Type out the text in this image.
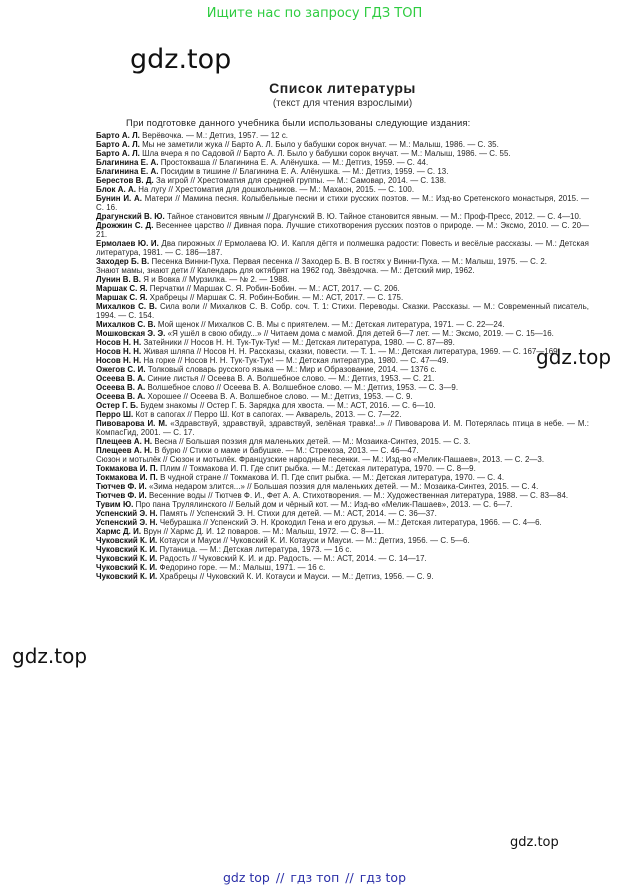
Ищите нас по запросу ГДЗ ТОП
gdz.top
gdz.top
gdz.top
gdz.top
Список литературы
(текст для чтения взрослыми)
При подготовке данного учебника были использованы следующие издания:

Барто А. Л. Верёвочка. — М.: Детгиз, 1957. — 12 с.

Барто А. Л. Мы не заметили жука // Барто А. Л. Было у бабушки сорок внучат. — М.: Малыш, 1986. — С. 35.

Барто А. Л. Шла вчера я по Садовой // Барто А. Л. Было у бабушки сорок внучат. — М.: Малыш, 1986. — С. 55.

Благинина Е. А. Простокваша // Благинина Е. А. Алёнушка. — М.: Детгиз, 1959. — С. 44.

Благинина Е. А. Посидим в тишине // Благинина Е. А. Алёнушка. — М.: Детгиз, 1959. — С. 13.

Берестов В. Д. За игрой // Хрестоматия для средней группы. — М.: Самовар, 2014. — С. 138.

Блок А. А. На лугу // Хрестоматия для дошкольников. — М.: Махаон, 2015. — С. 100.

Бунин И. А. Матери // Мамина песня. Колыбельные песни и стихи русских поэтов. — М.: Изд-во Сретенского монастыря, 2015. — С. 16.

Драгунский В. Ю. Тайное становится явным // Драгунский В. Ю. Тайное становится явным. — М.: Проф-Пресс, 2012. — С. 4—10.

Дрожжин С. Д. Весеннее царство // Дивная пора. Лучшие стихотворения русских поэтов о природе. — М.: Эксмо, 2010. — С. 20—21.

Ермолаев Ю. И. Два пирожных // Ермолаева Ю. И. Капля дёгтя и полмешка радости: Повесть и весёлые рассказы. — М.: Детская литература, 1981. — С. 186—187.

Заходер Б. В. Песенка Винни-Пуха. Первая песенка // Заходер Б. В. В гостях у Винни-Пуха. — М.: Малыш, 1975. — С. 2.

Знают мамы, знают дети // Календарь для октябрят на 1962 год. Звёздочка. — М.: Детский мир, 1962.

Лунин В. В. Я и Вовка // Мурзилка. — № 2. — 1988.

Маршак С. Я. Перчатки // Маршак С. Я. Робин-Бобин. — М.: АСТ, 2017. — С. 206.

Маршак С. Я. Храбрецы // Маршак С. Я. Робин-Бобин. — М.: АСТ, 2017. — С. 175.

Михалков С. В. Сила воли // Михалков С. В. Собр. соч. Т. 1: Стихи. Переводы. Сказки. Рассказы. — М.: Современный писатель, 1994. — С. 154.

Михалков С. В. Мой щенок // Михалков С. В. Мы с приятелем. — М.: Детская литература, 1971. — С. 22—24.

Мошковская Э. Э. «Я ушёл в свою обиду...» // Читаем дома с мамой. Для детей 6—7 лет. — М.: Эксмо, 2019. — С. 15—16.

Носов Н. Н. Затейники // Носов Н. Н. Тук-Тук-Тук! — М.: Детская литература, 1980. — С. 87—89.

Носов Н. Н. Живая шляпа // Носов Н. Н. Рассказы, сказки, повести. — Т. 1. — М.: Детская литература, 1969. — С. 167—169.

Носов Н. Н. На горке // Носов Н. Н. Тук-Тук-Тук! — М.: Детская литература, 1980. — С. 47—49.

Ожегов С. И. Толковый словарь русского языка — М.: Мир и Образование, 2014. — 1376 с.

Осеева В. А. Синие листья // Осеева В. А. Волшебное слово. — М.: Детгиз, 1953. — С. 21.

Осеева В. А. Волшебное слово // Осеева В. А. Волшебное слово. — М.: Детгиз, 1953. — С. 3—9.

Осеева В. А. Хорошее // Осеева В. А. Волшебное слово. — М.: Детгиз, 1953. — С. 9.

Остер Г. Б. Будем знакомы // Остер Г. Б. Зарядка для хвоста. — М.: АСТ, 2016. — С. 6—10.

Перро Ш. Кот в сапогах // Перро Ш. Кот в сапогах. — Акварель, 2013. — С. 7—22.

Пивоварова И. М. «Здравствуй, здравствуй, здравствуй, зелёная травка!..» // Пивоварова И. М. Потерялась птица в небе. — М.: КомпасГид, 2001. — С. 17.

Плещеев А. Н. Весна // Большая поэзия для маленьких детей. — М.: Мозаика-Синтез, 2015. — С. 3.

Плещеев А. Н. В бурю // Стихи о маме и бабушке. — М.: Стрекоза, 2013. — С. 46—47.

Сюзон и мотылёк // Сюзон и мотылёк. Французские народные песенки. — М.: Изд-во «Мелик-Пашаев», 2013. — С. 2—3.

Токмакова И. П. Плим // Токмакова И. П. Где спит рыбка. — М.: Детская литература, 1970. — С. 8—9.

Токмакова И. П. В чудной стране // Токмакова И. П. Где спит рыбка. — М.: Детская литература, 1970. — С. 4.

Тютчев Ф. И. «Зима недаром злится...» // Большая поэзия для маленьких детей. — М.: Мозаика-Синтез, 2015. — С. 4.

Тютчев Ф. И. Весенние воды // Тютчев Ф. И., Фет А. А. Стихотворения. — М.: Художественная литература, 1988. — С. 83—84.

Тувим Ю. Про пана Трулялинского // Белый дом и чёрный кот. — М.: Изд-во «Мелик-Пашаев», 2013. — С. 6—7.

Успенский Э. Н. Память // Успенский Э. Н. Стихи для детей. — М.: АСТ, 2014. — С. 36—37.

Успенский Э. Н. Чебурашка // Успенский Э. Н. Крокодил Гена и его друзья. — М.: Детская литература, 1966. — С. 4—6.

Хармс Д. И. Врун // Хармс Д. И. 12 поваров. — М.: Малыш, 1972. — С. 8—11.

Чуковский К. И. Котауси и Мауси // Чуковский К. И. Котауси и Мауси. — М.: Детгиз, 1956. — С. 5—6.

Чуковский К. И. Путаница. — М.: Детская литература, 1973. — 16 с.

Чуковский К. И. Радость // Чуковский К. И. и др. Радость. — М.: АСТ, 2014. — С. 14—17.

Чуковский К. И. Федорино горе. — М.: Малыш, 1971. — 16 с.

Чуковский К. И. Храбрецы // Чуковский К. И. Котауси и Мауси. — М.: Детгиз, 1956. — С. 9.

gdz top // гдз топ // гдз top
